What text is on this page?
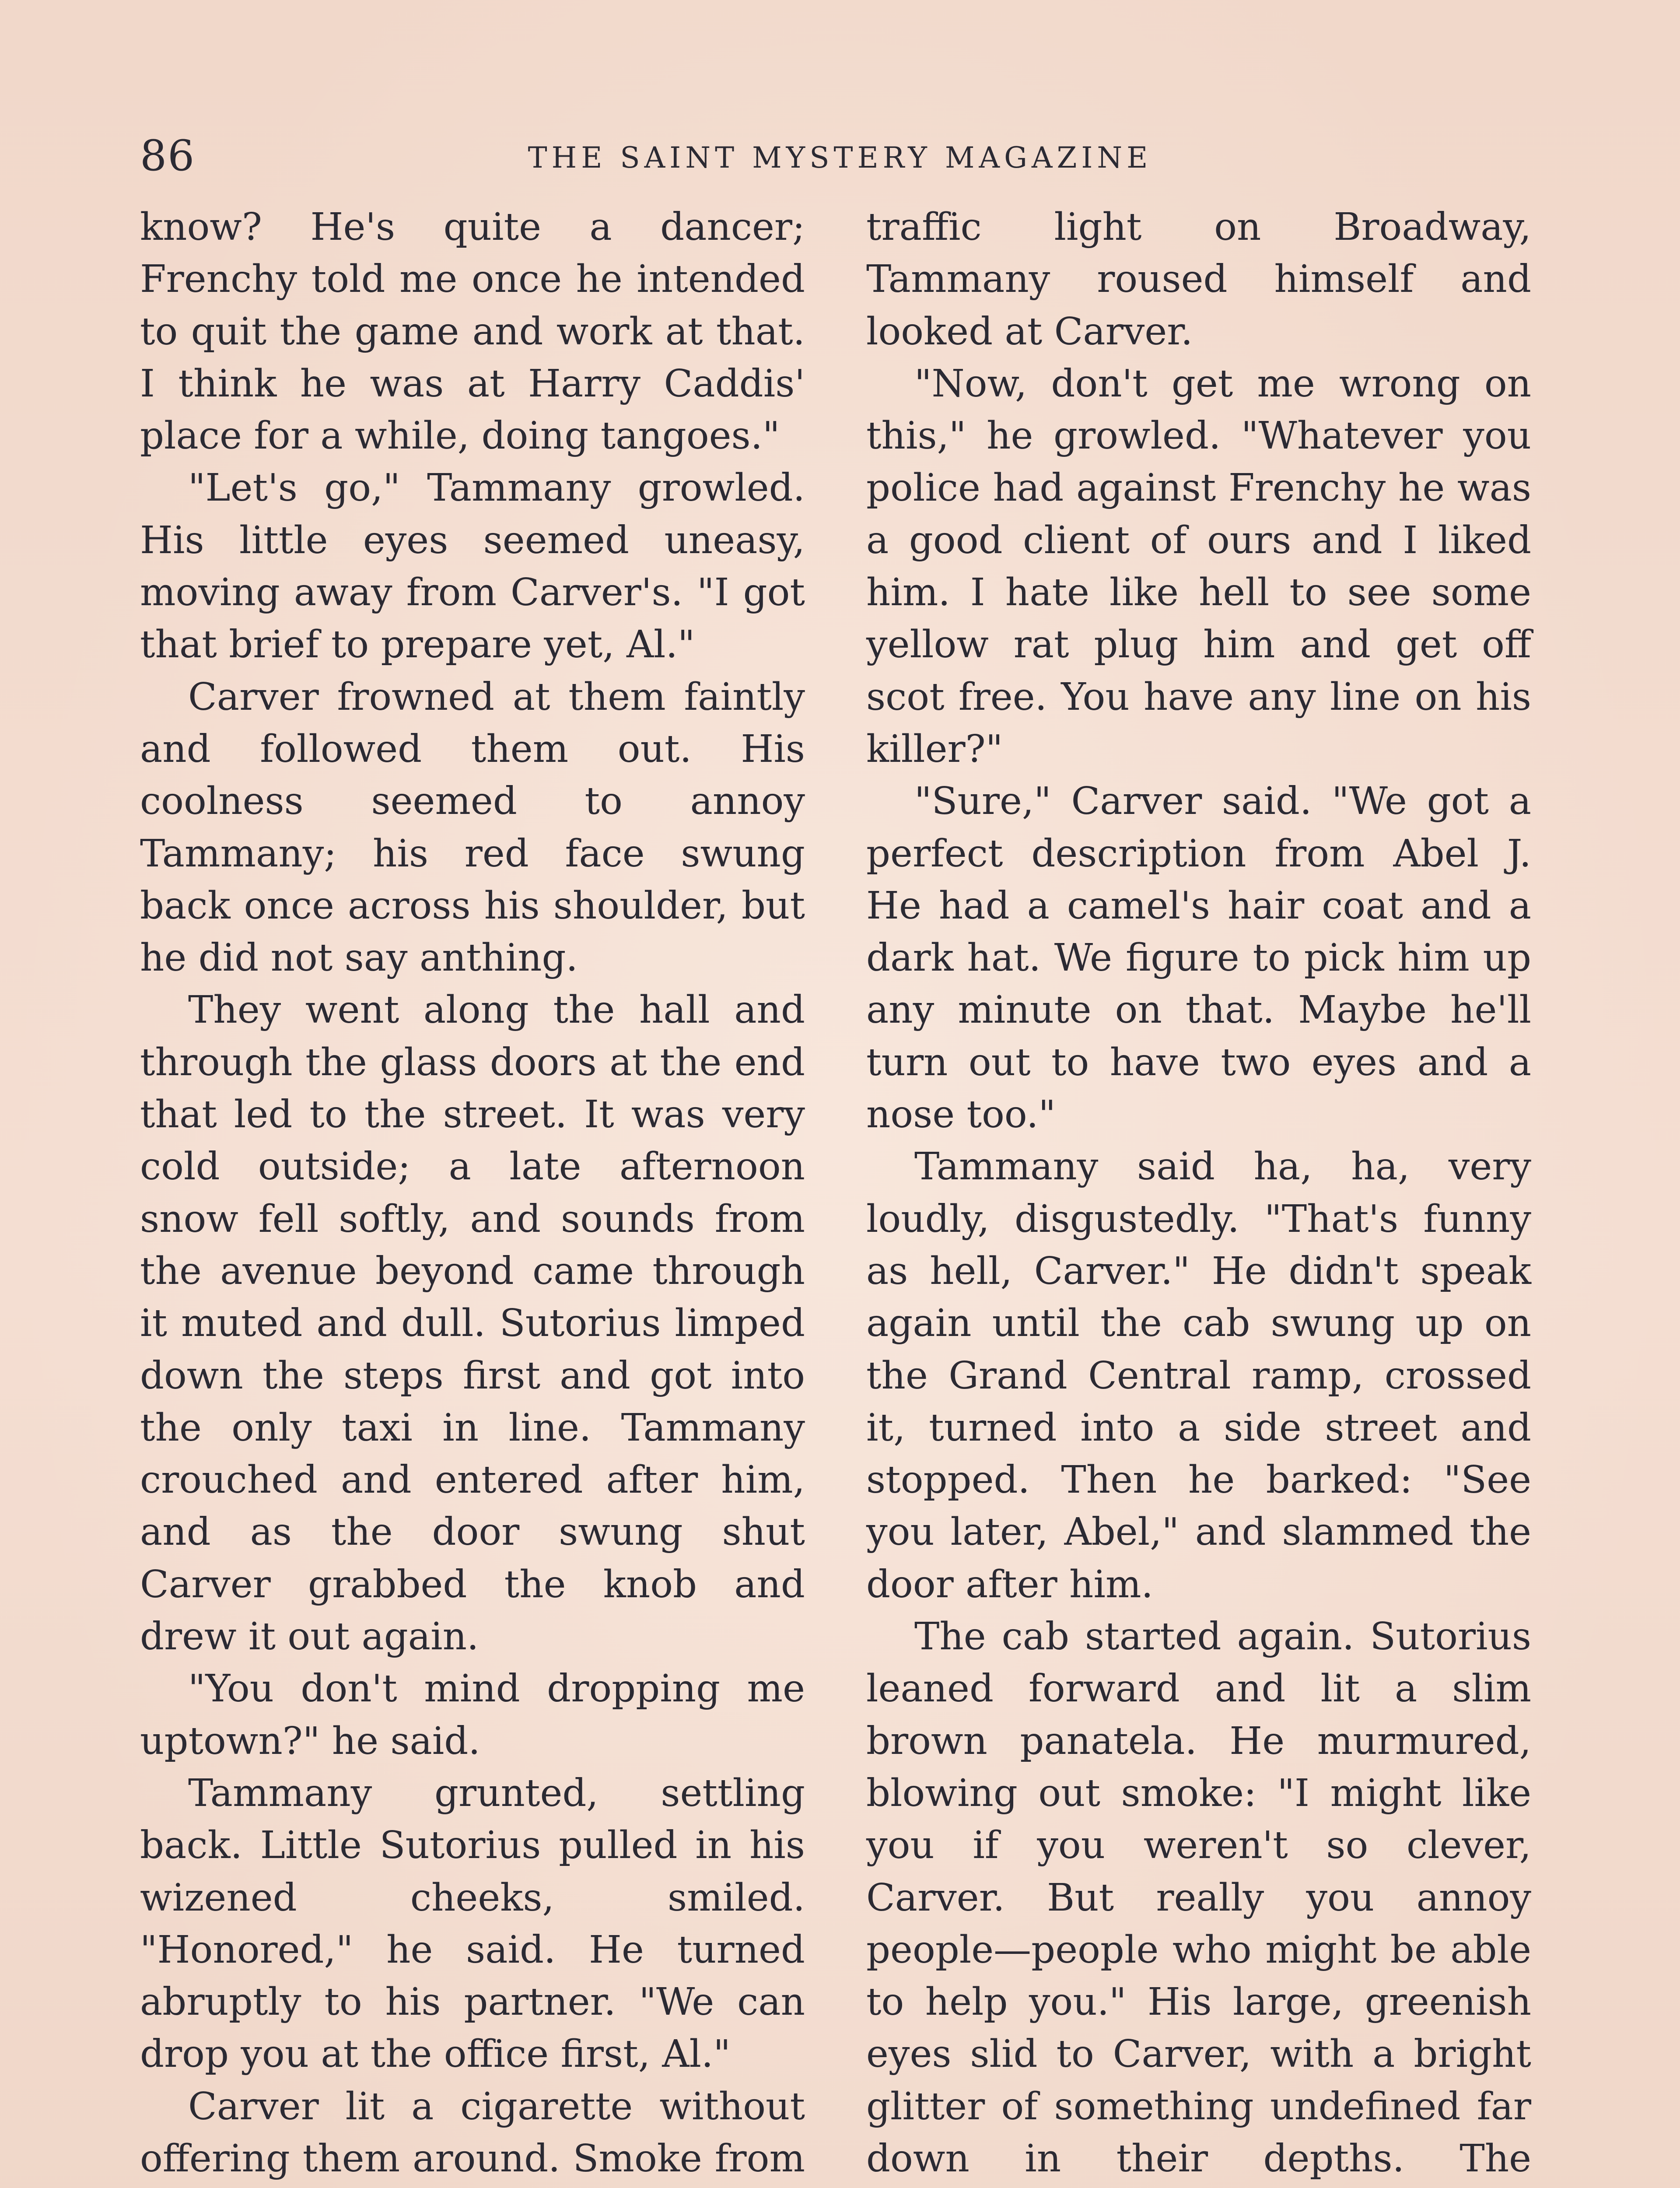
86	THE SAINT MYSTERY MAGAZINE

know? He's quite a dancer; Frenchy told me once he intended to quit the game and work at that. I think he was at Harry Caddis' place for a while, doing tangoes."

"Let's go," Tammany growled. His little eyes seemed uneasy, moving away from Carver's. "I got that brief to prepare yet, Al."

Carver frowned at them faintly and followed them out. His coolness seemed to annoy Tammany; his red face swung back once across his shoulder, but he did not say anthing.

They went along the hall and through the glass doors at the end that led to the street. It was very cold outside; a late afternoon snow fell softly, and sounds from the avenue beyond came through it muted and dull. Sutorius limped down the steps first and got into the only taxi in line. Tammany crouched and entered after him, and as the door swung shut Carver grabbed the knob and drew it out again.

"You don't mind dropping me uptown?" he said.

Tammany grunted, settling back. Little Sutorius pulled in his wizened cheeks, smiled. "Honored," he said. He turned abruptly to his partner. "We can drop you at the office first, Al."

Carver lit a cigarette without offering them around. Smoke from

traffic light on Broadway, Tammany roused himself and looked at Carver.

"Now, don't get me wrong on this," he growled. "Whatever you police had against Frenchy he was a good client of ours and I liked him. I hate like hell to see some yellow rat plug him and get off scot free. You have any line on his killer?"

"Sure," Carver said. "We got a perfect description from Abel J. He had a camel's hair coat and a dark hat. We figure to pick him up any minute on that. Maybe he'll turn out to have two eyes and a nose too."

Tammany said ha, ha, very loudly, disgustedly. "That's funny as hell, Carver." He didn't speak again until the cab swung up on the Grand Central ramp, crossed it, turned into a side street and stopped. Then he barked: "See you later, Abel," and slammed the door after him.

The cab started again. Sutorius leaned forward and lit a slim brown panatela. He murmured, blowing out smoke: "I might like you if you weren't so clever, Carver. But really you annoy people—people who might be able to help you." His large, greenish eyes slid to Carver, with a bright glitter of something undefined far down in their depths. The
